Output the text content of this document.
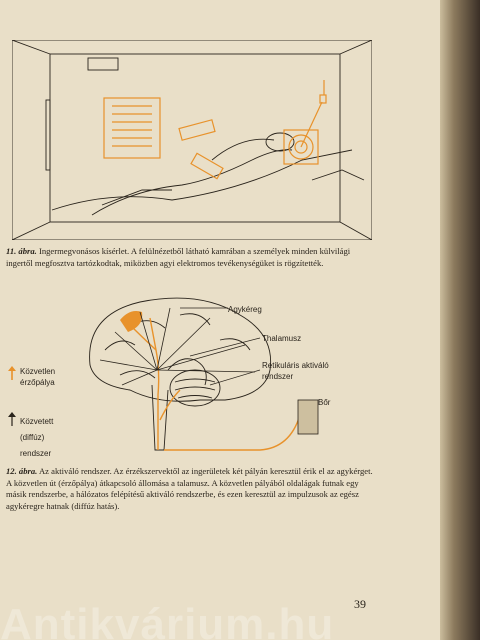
11. ábra. Ingermegvonásos kísérlet. A felülnézetből látható kamrában a személyek minden külvilági ingertől megfosztva tartózkodtak, miközben agyi elektromos tevékenységüket is rögzítették.
Agykéreg
Thalamusz
Retikuláris aktiváló rendszer
Bőr
Közvetlen
érzőpálya
Közvetett
(diffúz)
rendszer
12. ábra. Az aktiváló rendszer. Az érzékszervektől az ingerületek két pályán keresztül érik el az agykérget. A közvetlen út (érzőpálya) átkapcsoló állomása a talamusz. A közvetlen pályából oldalágak futnak egy másik rendszerbe, a hálózatos felépítésű aktiváló rendszerbe, és ezen keresztül az impulzusok az egész agykéregre hatnak (diffúz hatás).
39
Antikvárium.hu
